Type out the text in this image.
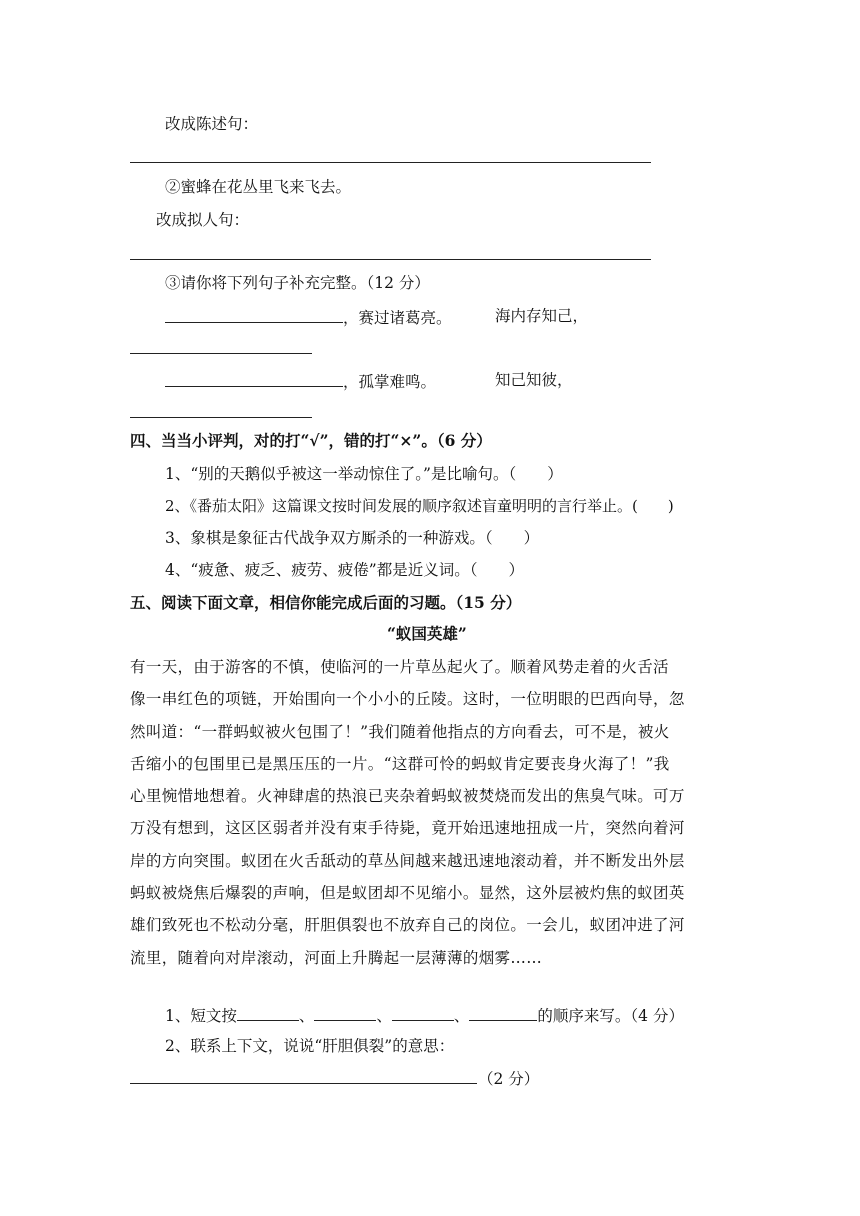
改成陈述句：
②蜜蜂在花丛里飞来飞去。
改成拟人句：
③请你将下列句子补充完整。（12 分）
，赛过诸葛亮。	海内存知己，
，孤掌难鸣。	知己知彼，
四、当当小评判，对的打“√”，错的打“×”。（6 分）
1、“别的天鹅似乎被这一举动惊住了。”是比喻句。（　　）
2、《番茄太阳》这篇课文按时间发展的顺序叙述盲童明明的言行举止。(　　)
3、象棋是象征古代战争双方厮杀的一种游戏。（　　）
4、“疲惫、疲乏、疲劳、疲倦”都是近义词。（　　）
五、阅读下面文章，相信你能完成后面的习题。（15 分）
“蚁国英雄”
有一天，由于游客的不慎，使临河的一片草丛起火了。顺着风势走着的火舌活
像一串红色的项链，开始围向一个小小的丘陵。这时，一位明眼的巴西向导，忽
然叫道：“一群蚂蚁被火包围了！”我们随着他指点的方向看去，可不是，被火
舌缩小的包围里已是黑压压的一片。“这群可怜的蚂蚁肯定要丧身火海了！”我
心里惋惜地想着。火神肆虐的热浪已夹杂着蚂蚁被焚烧而发出的焦臭气味。可万
万没有想到，这区区弱者并没有束手待毙，竟开始迅速地扭成一片，突然向着河
岸的方向突围。蚁团在火舌舐动的草丛间越来越迅速地滚动着，并不断发出外层
蚂蚁被烧焦后爆裂的声响，但是蚁团却不见缩小。显然，这外层被灼焦的蚁团英
雄们致死也不松动分毫，肝胆俱裂也不放弃自己的岗位。一会儿，蚁团冲进了河
流里，随着向对岸滚动，河面上升腾起一层薄薄的烟雾……
1、短文按	、	、	、	的顺序来写。（4 分）
2、联系上下文，说说“肝胆俱裂”的意思：
（2 分）
